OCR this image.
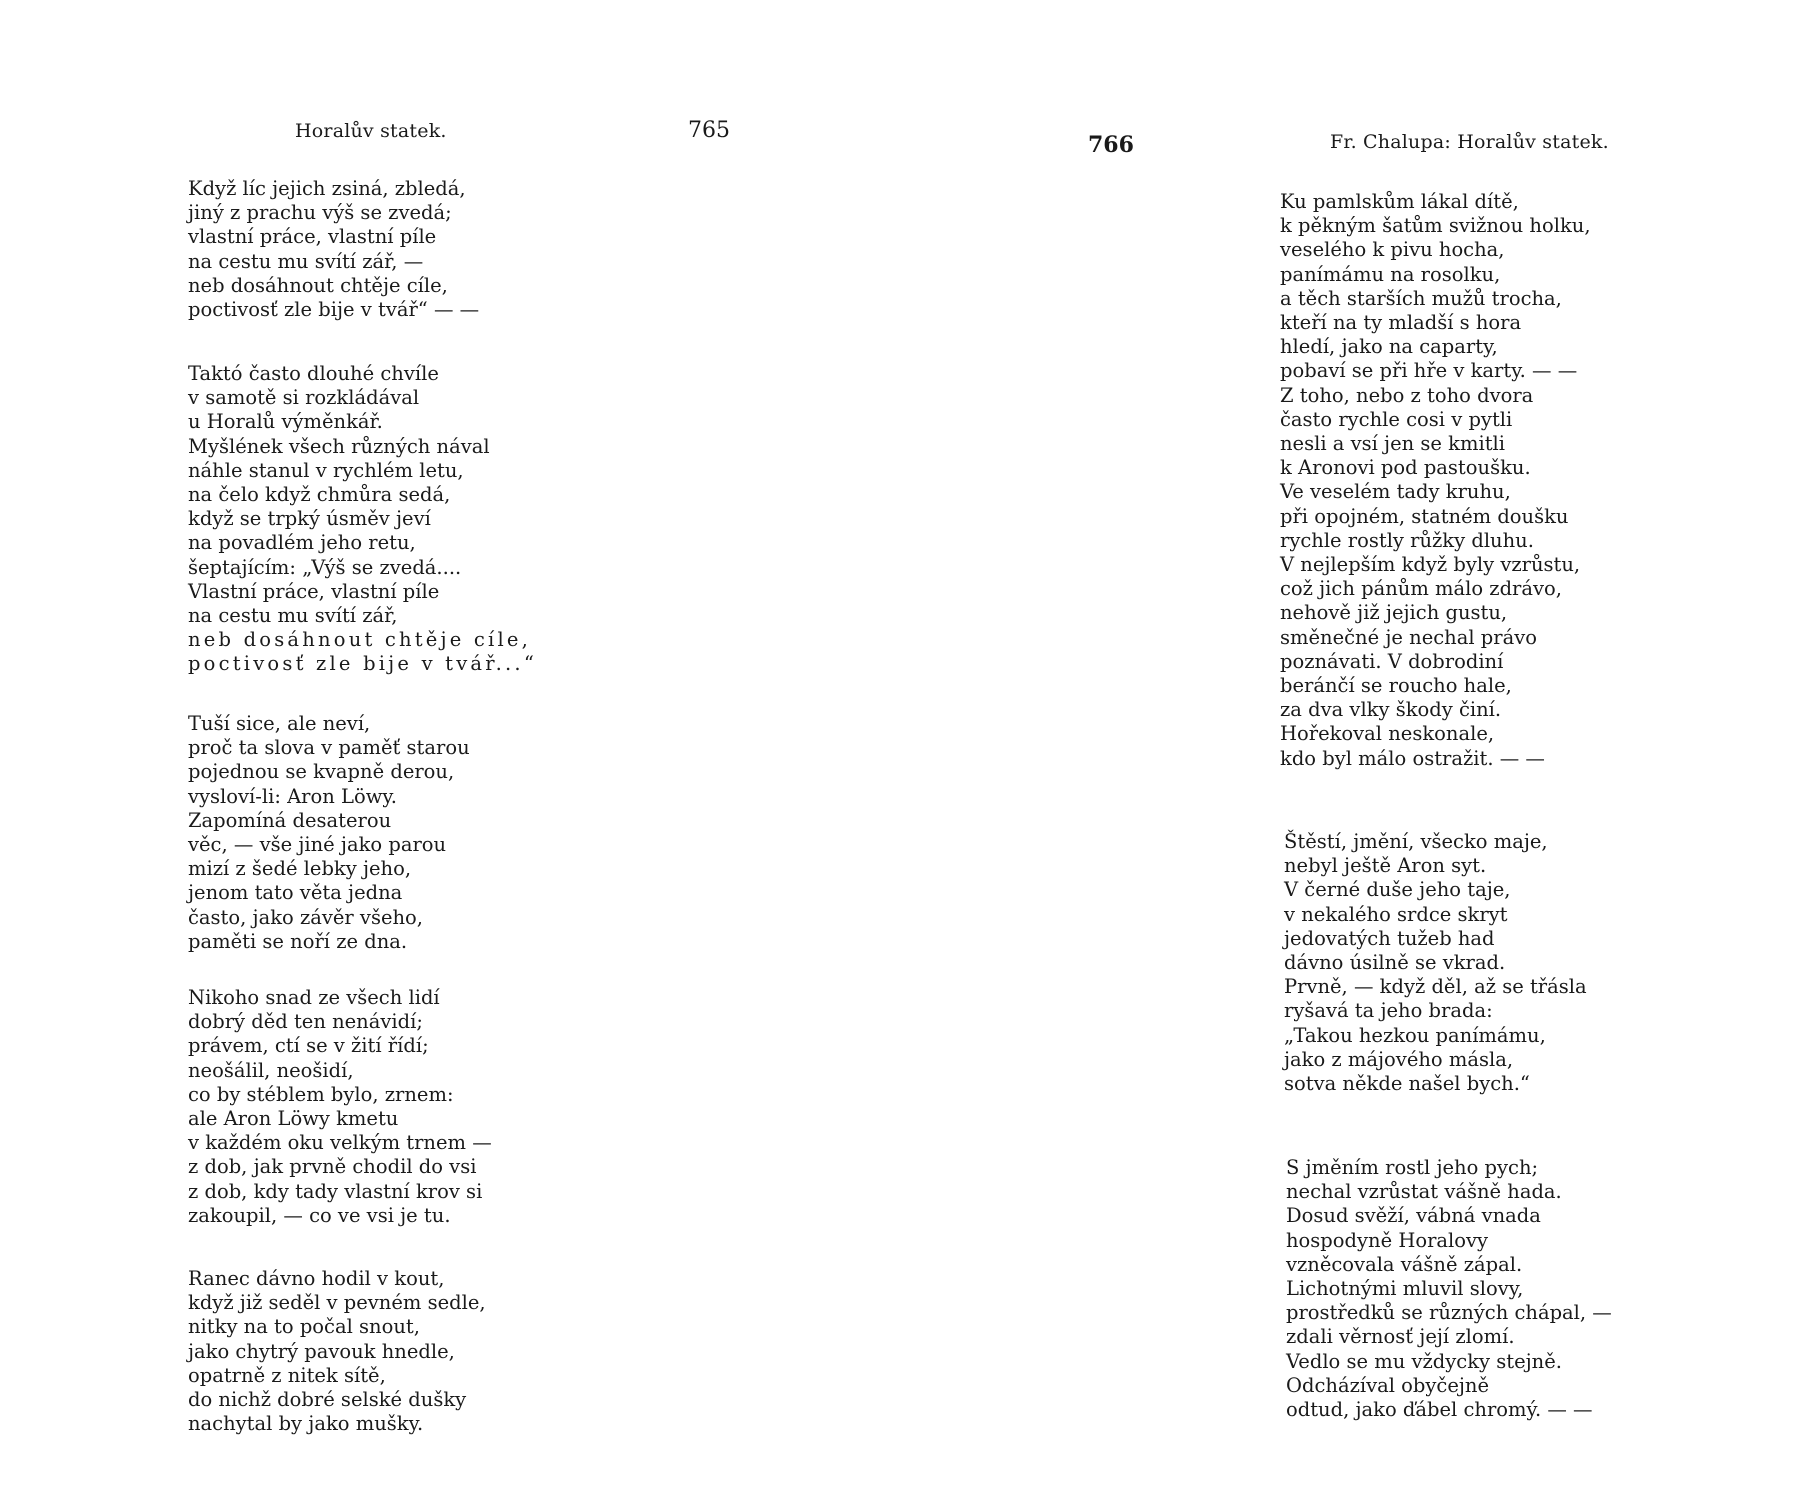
Horalův statek.	765
Když líc jejich zsiná, zbledá,
jiný z prachu výš se zvedá;
vlastní práce, vlastní píle
na cestu mu svítí zář, —
neb dosáhnout chtěje cíle,
poctivosť zle bije v tvář“ — —
Taktó často dlouhé chvíle
v samotě si rozkládával
u Horalů výměnkář.
Myšlének všech různých nával
náhle stanul v rychlém letu,
na čelo když chmůra sedá,
když se trpký úsměv jeví
na povadlém jeho retu,
šeptajícím: „Výš se zvedá....
Vlastní práce, vlastní píle
na cestu mu svítí zář,
neb dosáhnout chtěje cíle,
poctivosť zle bije v tvář...“
Tuší sice, ale neví,
proč ta slova v paměť starou
pojednou se kvapně derou,
vysloví-li: Aron Löwy.
Zapomíná desaterou
věc, — vše jiné jako parou
mizí z šedé lebky jeho,
jenom tato věta jedna
často, jako závěr všeho,
paměti se noří ze dna.
Nikoho snad ze všech lidí
dobrý děd ten nenávidí;
právem, ctí se v žití řídí;
neošálil, neošidí,
co by stéblem bylo, zrnem:
ale Aron Löwy kmetu
v každém oku velkým trnem —
z dob, jak prvně chodil do vsi
z dob, kdy tady vlastní krov si
zakoupil, — co ve vsi je tu.
Ranec dávno hodil v kout,
když již seděl v pevném sedle,
nitky na to počal snout,
jako chytrý pavouk hnedle,
opatrně z nitek sítě,
do nichž dobré selské dušky
nachytal by jako mušky.
766	Fr. Chalupa: Horalův statek.
Ku pamlskům lákal dítě,
k pěkným šatům svižnou holku,
veselého k pivu hocha,
panímámu na rosolku,
a těch starších mužů trocha,
kteří na ty mladší s hora
hledí, jako na caparty,
pobaví se při hře v karty. — —
Z toho, nebo z toho dvora
často rychle cosi v pytli
nesli a vsí jen se kmitli
k Aronovi pod pastoušku.
Ve veselém tady kruhu,
při opojném, statném doušku
rychle rostly růžky dluhu.
V nejlepším když byly vzrůstu,
což jich pánům málo zdrávo,
nehově již jejich gustu,
směnečné je nechal právo
poznávati. V dobrodiní
beránčí se roucho hale,
za dva vlky škody činí.
Hořekoval neskonale,
kdo byl málo ostražit. — —
Štěstí, jmění, všecko maje,
nebyl ještě Aron syt.
V černé duše jeho taje,
v nekalého srdce skryt
jedovatých tužeb had
dávno úsilně se vkrad.
Prvně, — když děl, až se třásla
ryšavá ta jeho brada:
„Takou hezkou panímámu,
jako z májového másla,
sotva někde našel bych.“
S jměním rostl jeho pych;
nechal vzrůstat vášně hada.
Dosud svěží, vábná vnada
hospodyně Horalovy
vzněcovala vášně zápal.
Lichotnými mluvil slovy,
prostředků se různých chápal, —
zdali věrnosť její zlomí.
Vedlo se mu vždycky stejně.
Odcházíval obyčejně
odtud, jako ďábel chromý. — —
